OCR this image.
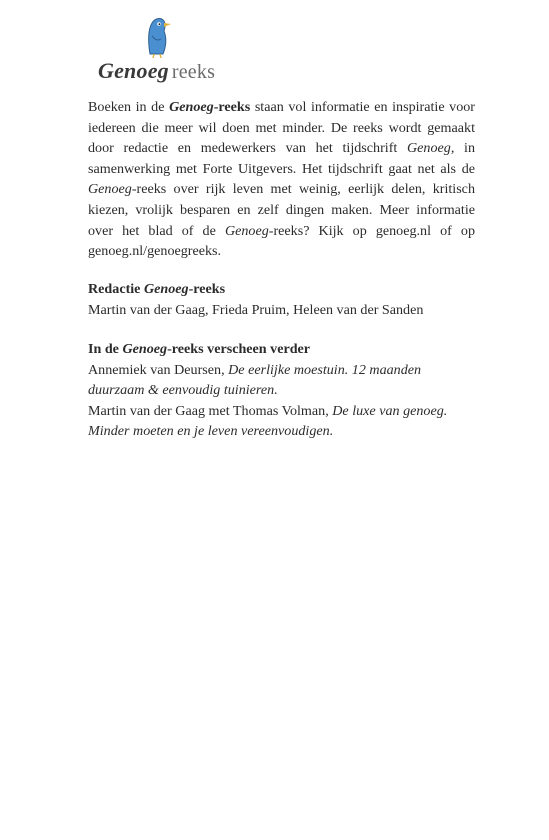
Genoeg reeks

Boeken in de Genoeg-reeks staan vol informatie en inspiratie voor iedereen die meer wil doen met minder. De reeks wordt gemaakt door redactie en medewerkers van het tijdschrift Genoeg, in samenwerking met Forte Uitgevers. Het tijdschrift gaat net als de Genoeg-reeks over rijk leven met weinig, eerlijk delen, kritisch kiezen, vrolijk besparen en zelf dingen maken. Meer informatie over het blad of de Genoeg-reeks? Kijk op genoeg.nl of op genoeg.nl/genoegreeks.

Redactie Genoeg-reeks

Martin van der Gaag, Frieda Pruim, Heleen van der Sanden

In de Genoeg-reeks verscheen verder

Annemiek van Deursen, De eerlijke moestuin. 12 maanden

duurzaam & eenvoudig tuinieren.

Martin van der Gaag met Thomas Volman, De luxe van genoeg.

Minder moeten en je leven vereenvoudigen.
